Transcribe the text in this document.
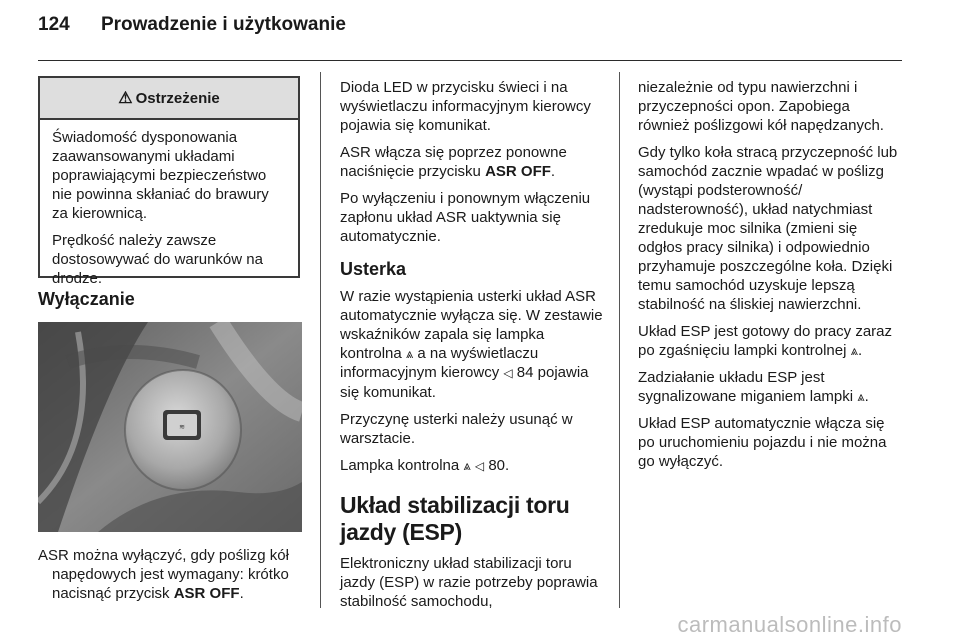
124 Prowadzenie i użytkowanie
⚠ Ostrzeżenie

Świadomość dysponowania zaawansowanymi układami poprawiającymi bezpieczeństwo nie powinna skłaniać do brawury za kierownicą.

Prędkość należy zawsze dostosowywać do warunków na drodze.

Wyłączanie

≋
ASR można wyłączyć, gdy poślizg kół napędowych jest wymagany: krótko nacisnąć przycisk ASR OFF.

Dioda LED w przycisku świeci i na wyświetlaczu informacyjnym kierowcy pojawia się komunikat.

ASR włącza się poprzez ponowne naciśnięcie przycisku ASR OFF.

Po wyłączeniu i ponownym włączeniu zapłonu układ ASR uaktywnia się automatycznie.

Usterka

W razie wystąpienia usterki układ ASR automatycznie wyłącza się. W zestawie wskaźników zapala się lampka kontrolna ⩓ a na wyświetlaczu informacyjnym kierowcy ◁ 84 pojawia się komunikat.

Przyczynę usterki należy usunąć w warsztacie.

Lampka kontrolna ⩓ ◁ 80.

Układ stabilizacji toru jazdy (ESP)

Elektroniczny układ stabilizacji toru jazdy (ESP) w razie potrzeby poprawia stabilność samochodu,

niezależnie od typu nawierzchni i przyczepności opon. Zapobiega również poślizgowi kół napędzanych.

Gdy tylko koła stracą przyczepność lub samochód zacznie wpadać w poślizg (wystąpi podsterowność/ nadsterowność), układ natychmiast zredukuje moc silnika (zmieni się odgłos pracy silnika) i odpowiednio przyhamuje poszczególne koła. Dzięki temu samochód uzyskuje lepszą stabilność na śliskiej nawierzchni.

Układ ESP jest gotowy do pracy zaraz po zgaśnięciu lampki kontrolnej ⩓.

Zadziałanie układu ESP jest sygnalizowane miganiem lampki ⩓.

Układ ESP automatycznie włącza się po uruchomieniu pojazdu i nie można go wyłączyć.

carmanualsonline.info
